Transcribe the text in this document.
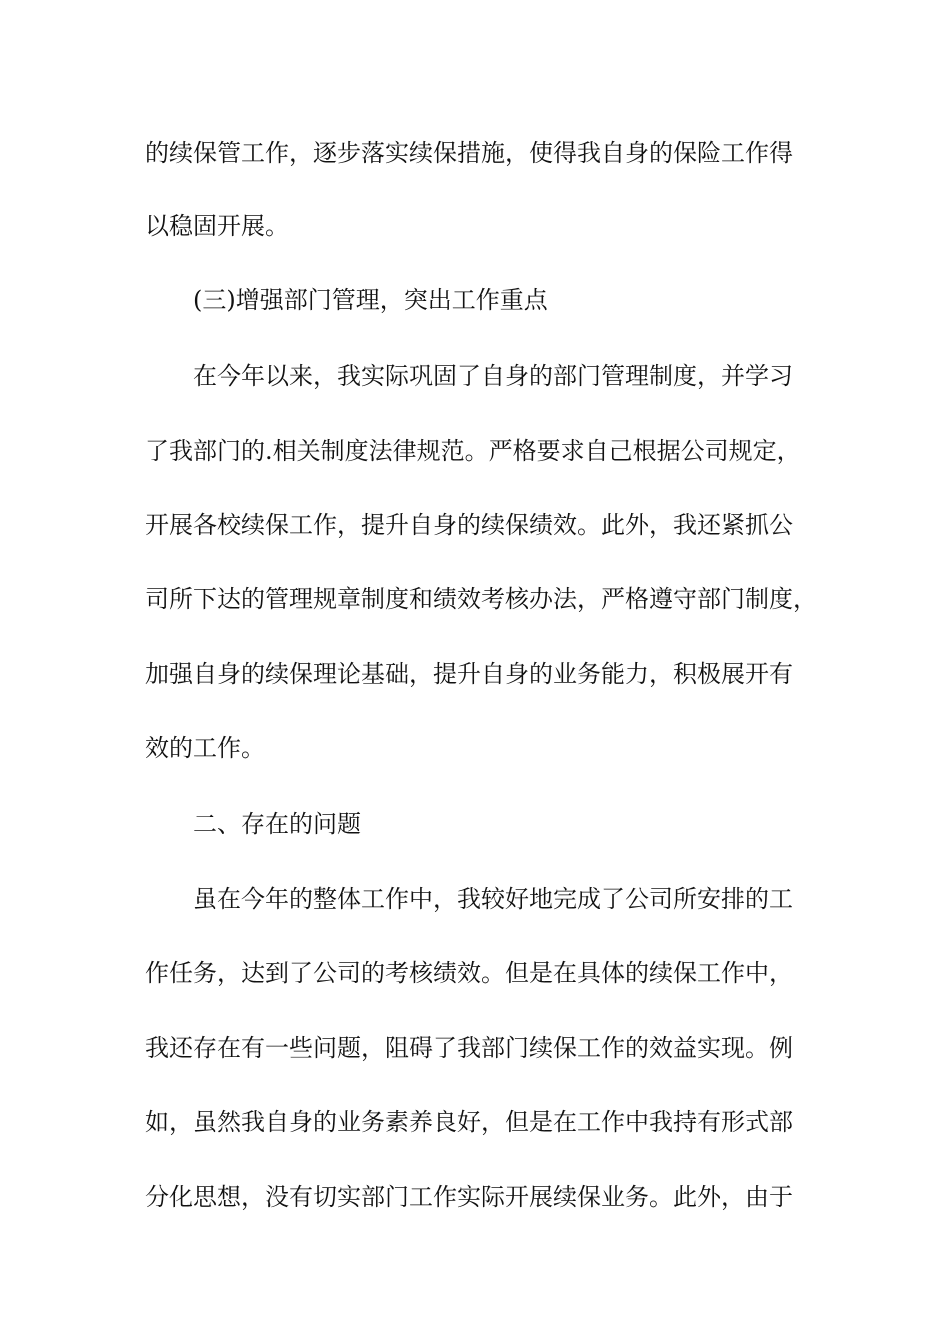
的续保管工作，逐步落实续保措施，使得我自身的保险工作得
以稳固开展。
(三)增强部门管理，突出工作重点
在今年以来，我实际巩固了自身的部门管理制度，并学习
了我部门的.相关制度法律规范。严格要求自己根据公司规定，
开展各校续保工作，提升自身的续保绩效。此外，我还紧抓公
司所下达的管理规章制度和绩效考核办法，严格遵守部门制度，
加强自身的续保理论基础，提升自身的业务能力，积极展开有
效的工作。
二、存在的问题
虽在今年的整体工作中，我较好地完成了公司所安排的工
作任务，达到了公司的考核绩效。但是在具体的续保工作中，
我还存在有一些问题，阻碍了我部门续保工作的效益实现。例
如，虽然我自身的业务素养良好，但是在工作中我持有形式部
分化思想，没有切实部门工作实际开展续保业务。此外，由于
